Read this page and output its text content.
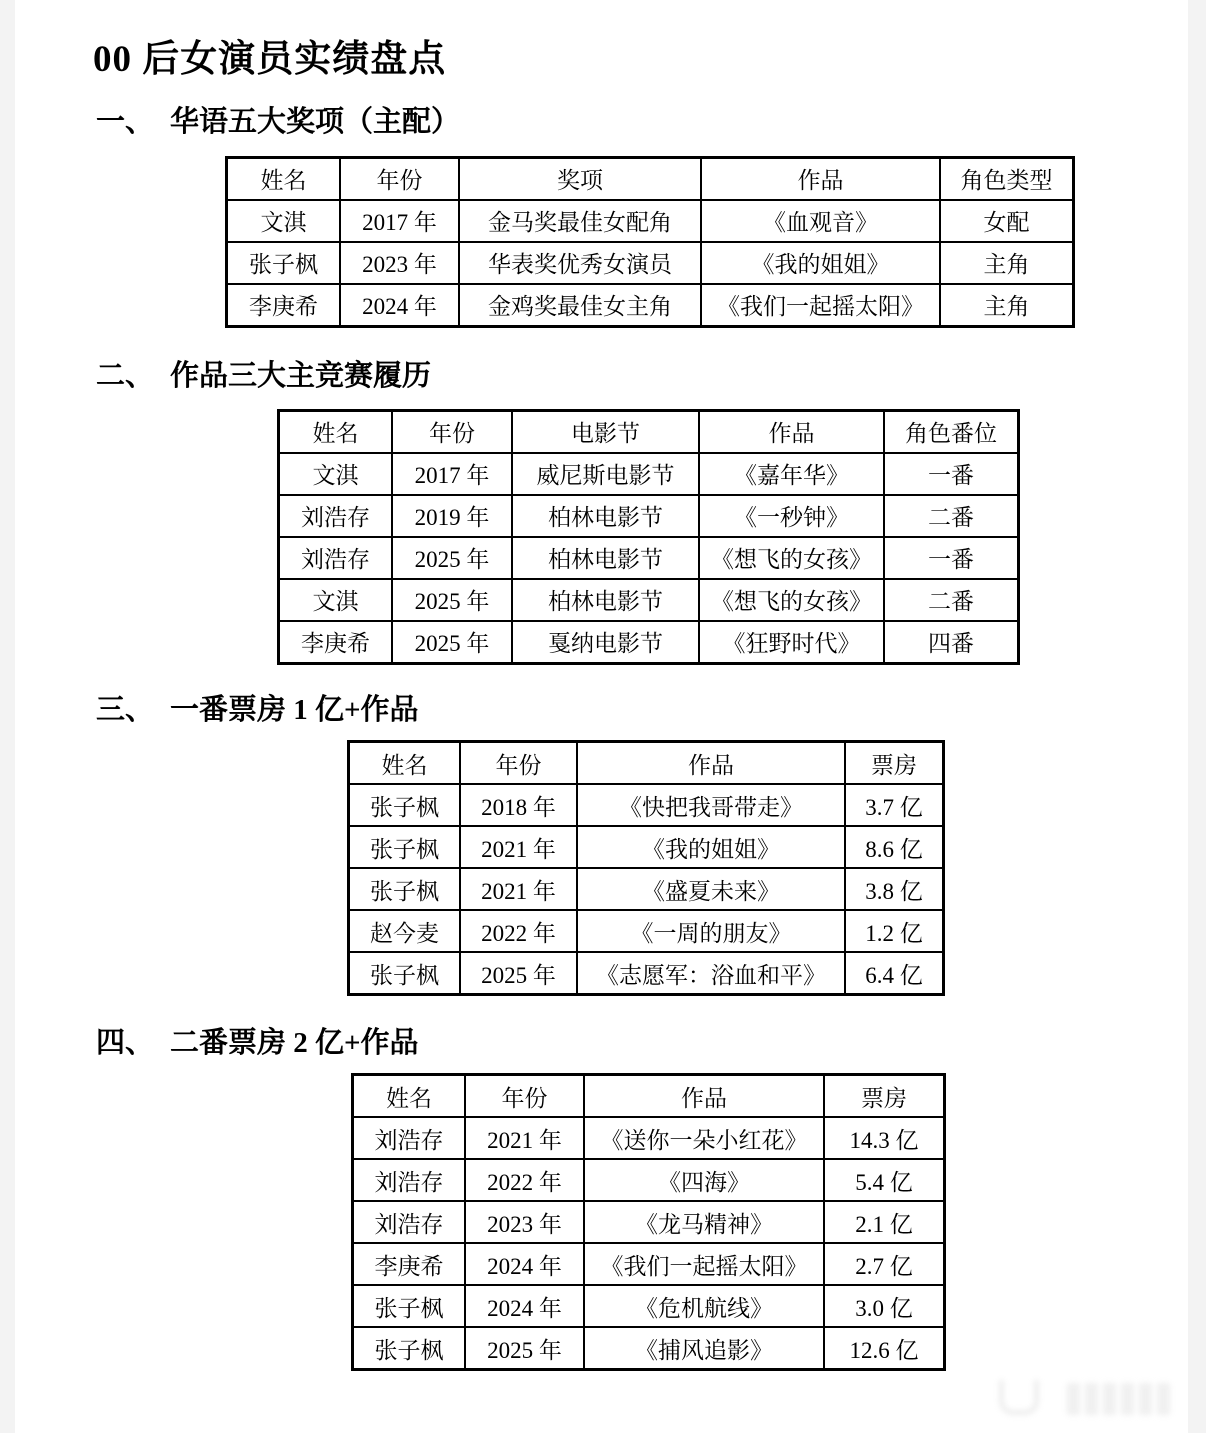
00 后女演员实绩盘点
一、 华语五大奖项（主配）
姓名	年份	奖项	作品	角色类型
文淇	2017 年	金马奖最佳女配角	《血观音》	女配
张子枫	2023 年	华表奖优秀女演员	《我的姐姐》	主角
李庚希	2024 年	金鸡奖最佳女主角	《我们一起摇太阳》	主角
二、 作品三大主竞赛履历
姓名	年份	电影节	作品	角色番位
文淇	2017 年	威尼斯电影节	《嘉年华》	一番
刘浩存	2019 年	柏林电影节	《一秒钟》	二番
刘浩存	2025 年	柏林电影节	《想飞的女孩》	一番
文淇	2025 年	柏林电影节	《想飞的女孩》	二番
李庚希	2025 年	戛纳电影节	《狂野时代》	四番
三、 一番票房 1 亿+作品
姓名	年份	作品	票房
张子枫	2018 年	《快把我哥带走》	3.7 亿
张子枫	2021 年	《我的姐姐》	8.6 亿
张子枫	2021 年	《盛夏未来》	3.8 亿
赵今麦	2022 年	《一周的朋友》	1.2 亿
张子枫	2025 年	《志愿军：浴血和平》	6.4 亿
四、 二番票房 2 亿+作品
姓名	年份	作品	票房
刘浩存	2021 年	《送你一朵小红花》	14.3 亿
刘浩存	2022 年	《四海》	5.4 亿
刘浩存	2023 年	《龙马精神》	2.1 亿
李庚希	2024 年	《我们一起摇太阳》	2.7 亿
张子枫	2024 年	《危机航线》	3.0 亿
张子枫	2025 年	《捕风追影》	12.6 亿
